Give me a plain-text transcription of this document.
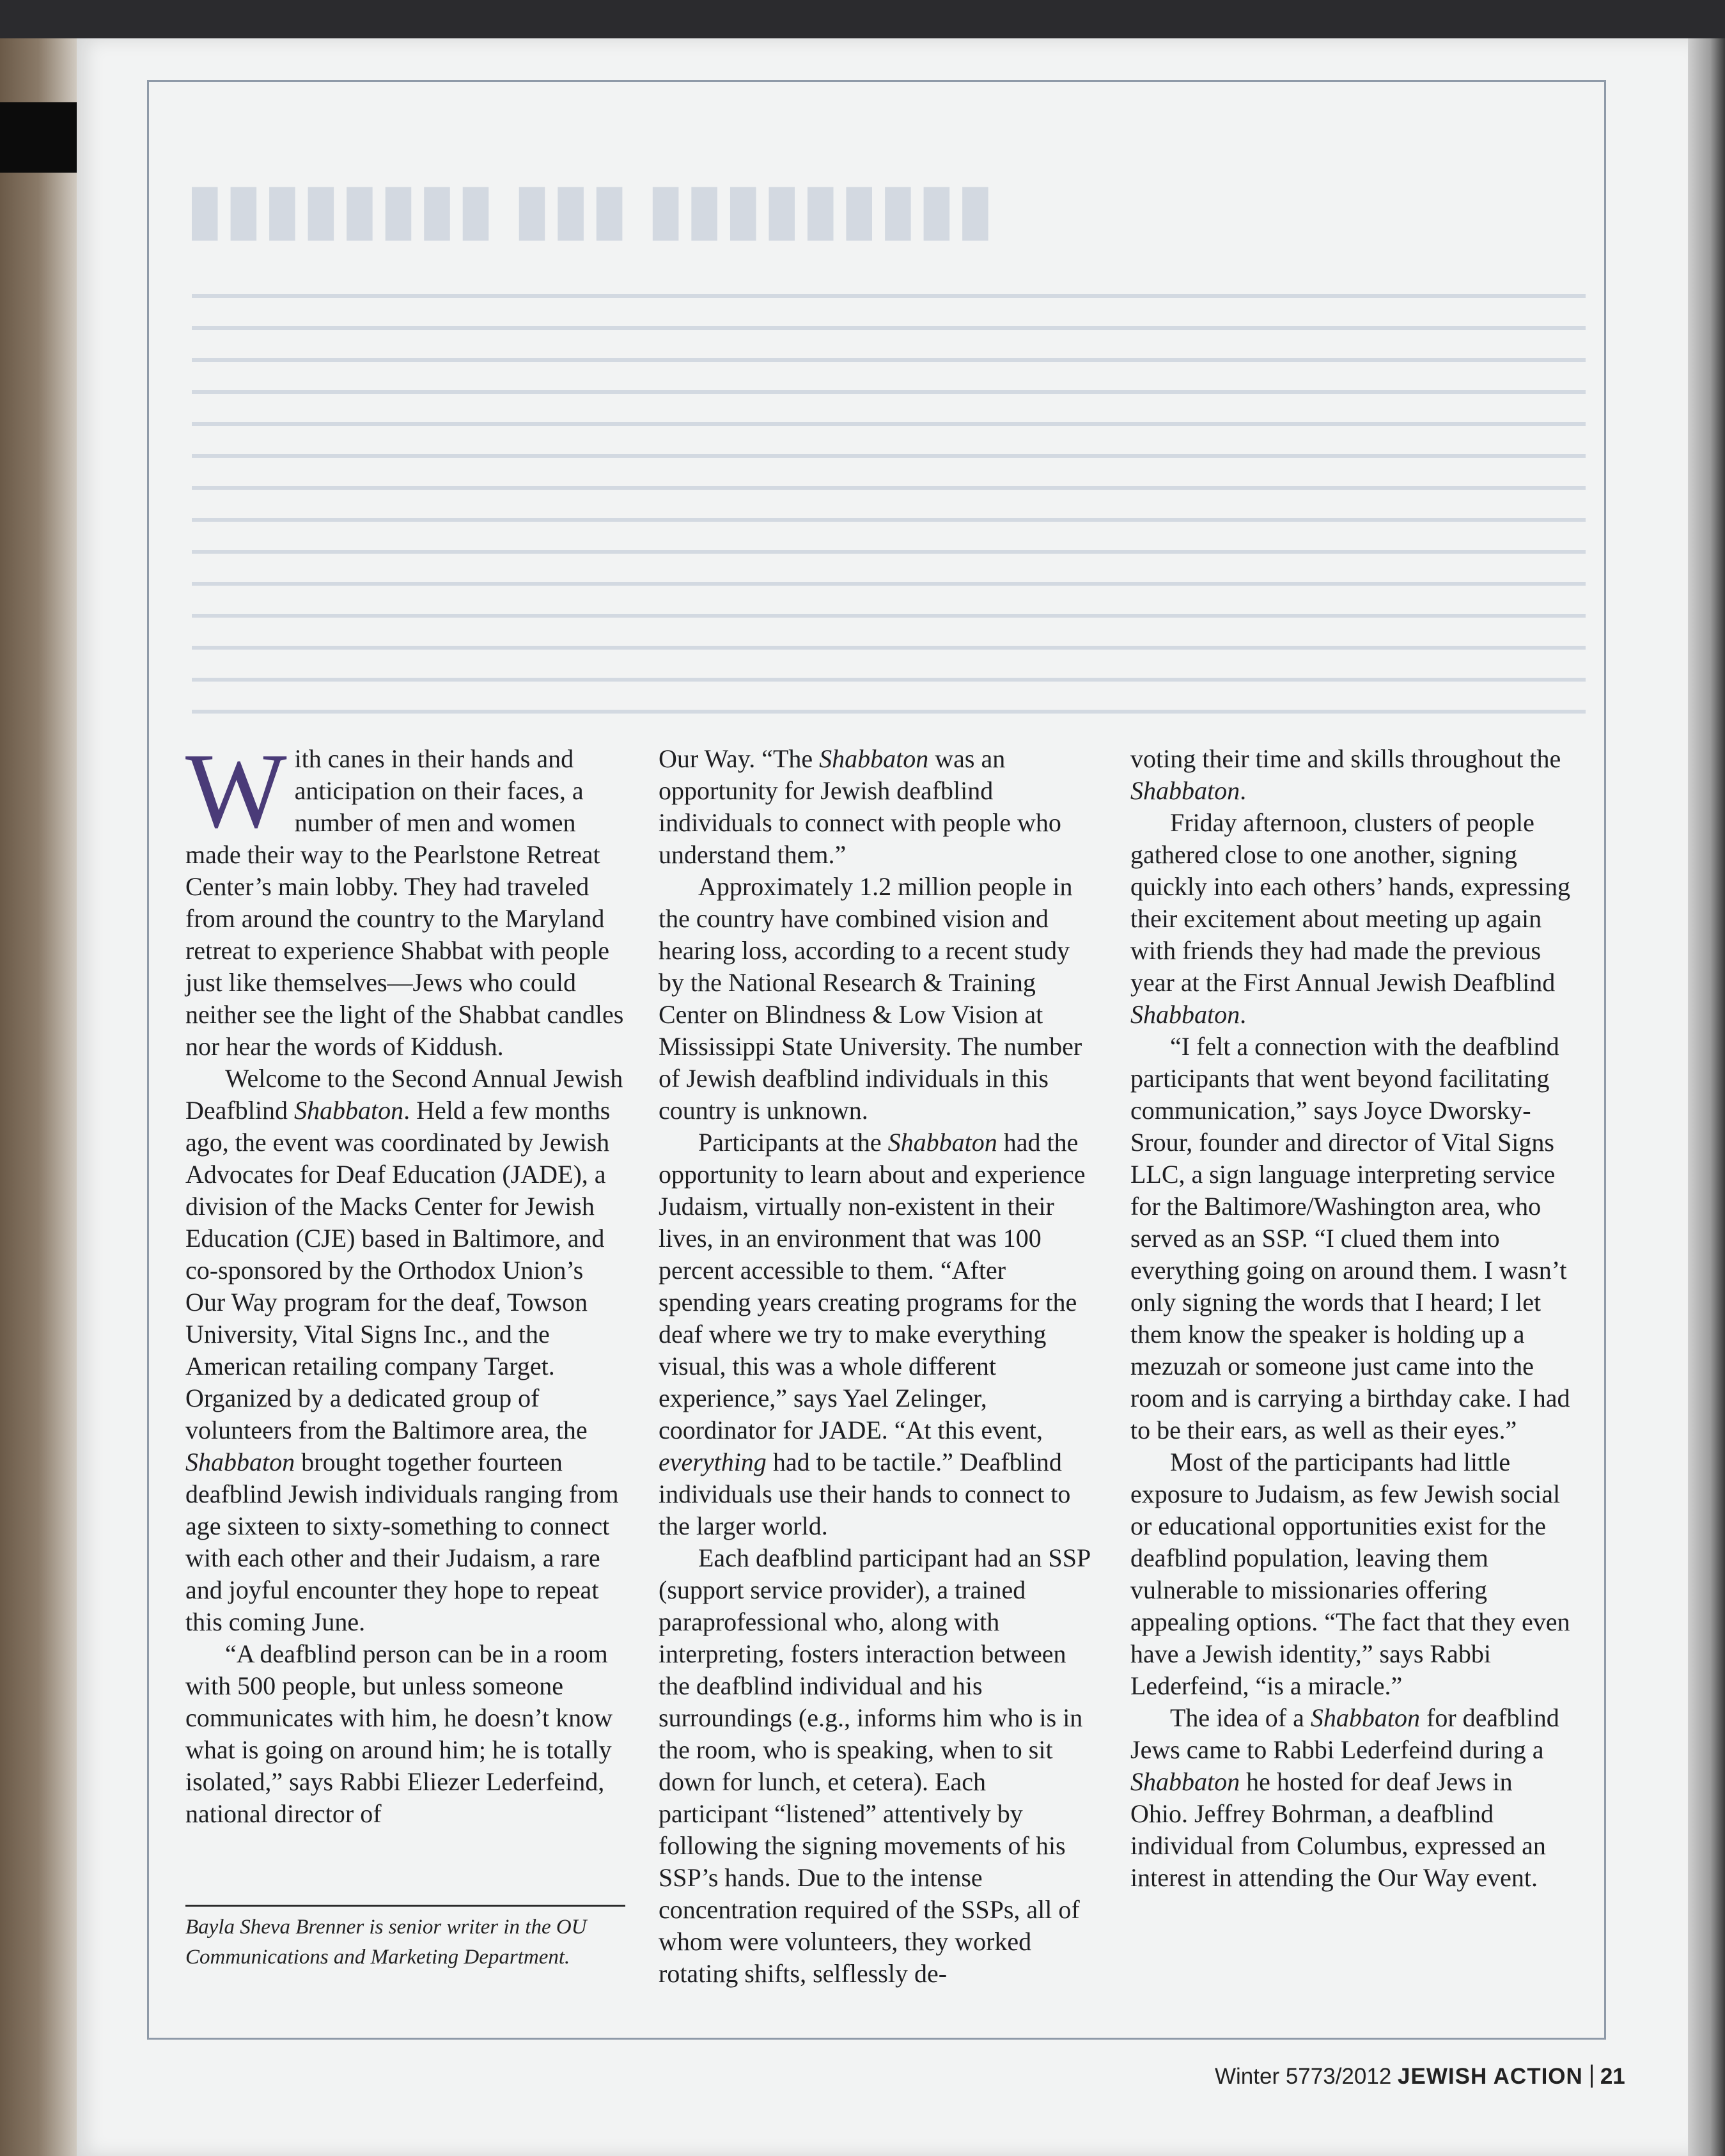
With canes in their hands and anticipation on their faces, a number of men and women made their way to the Pearlstone Retreat Center’s main lobby. They had traveled from around the country to the Maryland retreat to experience Shabbat with people just like themselves—Jews who could neither see the light of the Shabbat candles nor hear the words of Kiddush.

Welcome to the Second Annual Jewish Deafblind Shabbaton. Held a few months ago, the event was coordinated by Jewish Advocates for Deaf Education (JADE), a division of the Macks Center for Jewish Education (CJE) based in Baltimore, and co-sponsored by the Orthodox Union’s Our Way program for the deaf, Towson University, Vital Signs Inc., and the American retailing company Target. Organized by a dedicated group of volunteers from the Baltimore area, the Shabbaton brought together fourteen deafblind Jewish individuals ranging from age sixteen to sixty-something to connect with each other and their Judaism, a rare and joyful encounter they hope to repeat this coming June.

“A deafblind person can be in a room with 500 people, but unless someone communicates with him, he doesn’t know what is going on around him; he is totally isolated,” says Rabbi Eliezer Lederfeind, national director of

Our Way. “The Shabbaton was an opportunity for Jewish deafblind individuals to connect with people who understand them.”

Approximately 1.2 million people in the country have combined vision and hearing loss, according to a recent study by the National Research & Training Center on Blindness & Low Vision at Mississippi State University. The number of Jewish deafblind individuals in this country is unknown.

Participants at the Shabbaton had the opportunity to learn about and experience Judaism, virtually non-existent in their lives, in an environment that was 100 percent accessible to them. “After spending years creating programs for the deaf where we try to make everything visual, this was a whole different experience,” says Yael Zelinger, coordinator for JADE. “At this event, everything had to be tactile.” Deafblind individuals use their hands to connect to the larger world.

Each deafblind participant had an SSP (support service provider), a trained paraprofessional who, along with interpreting, fosters interaction between the deafblind individual and his surroundings (e.g., informs him who is in the room, who is speaking, when to sit down for lunch, et cetera). Each participant “listened” attentively by following the signing movements of his SSP’s hands. Due to the intense concentration required of the SSPs, all of whom were volunteers, they worked rotating shifts, selflessly de-

voting their time and skills throughout the Shabbaton.

Friday afternoon, clusters of people gathered close to one another, signing quickly into each others’ hands, expressing their excitement about meeting up again with friends they had made the previous year at the First Annual Jewish Deafblind Shabbaton.

“I felt a connection with the deafblind participants that went beyond facilitating communication,” says Joyce Dworsky-Srour, founder and director of Vital Signs LLC, a sign language interpreting service for the Baltimore/Washington area, who served as an SSP. “I clued them into everything going on around them. I wasn’t only signing the words that I heard; I let them know the speaker is holding up a mezuzah or someone just came into the room and is carrying a birthday cake. I had to be their ears, as well as their eyes.”

Most of the participants had little exposure to Judaism, as few Jewish social or educational opportunities exist for the deafblind population, leaving them vulnerable to missionaries offering appealing options. “The fact that they even have a Jewish identity,” says Rabbi Lederfeind, “is a miracle.”

The idea of a Shabbaton for deafblind Jews came to Rabbi Lederfeind during a Shabbaton he hosted for deaf Jews in Ohio. Jeffrey Bohrman, a deafblind individual from Columbus, expressed an interest in attending the Our Way event.

Bayla Sheva Brenner is senior writer in the OU Communications and Marketing Department.
Winter 5773/2012 JEWISH ACTION 21
